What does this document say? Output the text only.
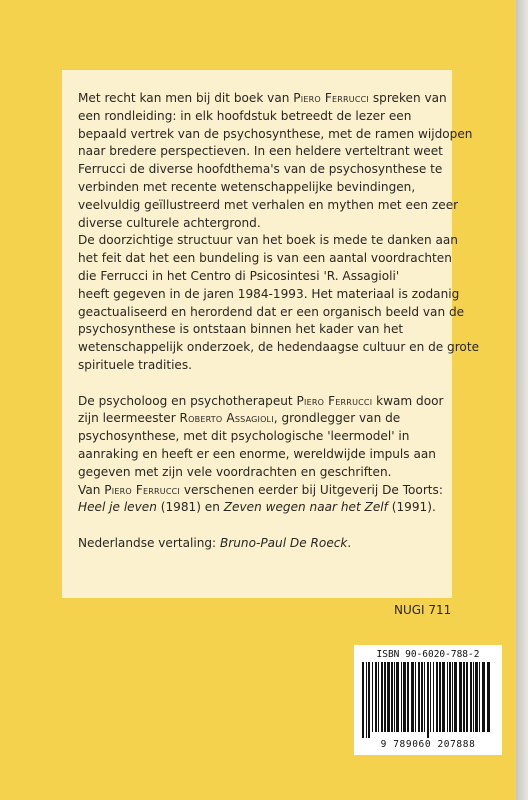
Met recht kan men bij dit boek van Piero Ferrucci spreken van
een rondleiding: in elk hoofdstuk betreedt de lezer een
bepaald vertrek van de psychosynthese, met de ramen wijdopen
naar bredere perspectieven. In een heldere verteltrant weet
Ferrucci de diverse hoofdthema's van de psychosynthese te
verbinden met recente wetenschappelijke bevindingen,
veelvuldig geïllustreerd met verhalen en mythen met een zeer
diverse culturele achtergrond.
De doorzichtige structuur van het boek is mede te danken aan
het feit dat het een bundeling is van een aantal voordrachten
die Ferrucci in het Centro di Psicosintesi 'R. Assagioli'
heeft gegeven in de jaren 1984-1993. Het materiaal is zodanig
geactualiseerd en herordend dat er een organisch beeld van de
psychosynthese is ontstaan binnen het kader van het
wetenschappelijk onderzoek, de hedendaagse cultuur en de grote
spirituele tradities.

De psycholoog en psychotherapeut Piero Ferrucci kwam door
zijn leermeester Roberto Assagioli, grondlegger van de
psychosynthese, met dit psychologische 'leermodel' in
aanraking en heeft er een enorme, wereldwijde impuls aan
gegeven met zijn vele voordrachten en geschriften.
Van Piero Ferrucci verschenen eerder bij Uitgeverij De Toorts:
Heel je leven (1981) en Zeven wegen naar het Zelf (1991).

Nederlandse vertaling: Bruno-Paul De Roeck.

NUGI 711
ISBN 90-6020-788-2
9 789060 207888
